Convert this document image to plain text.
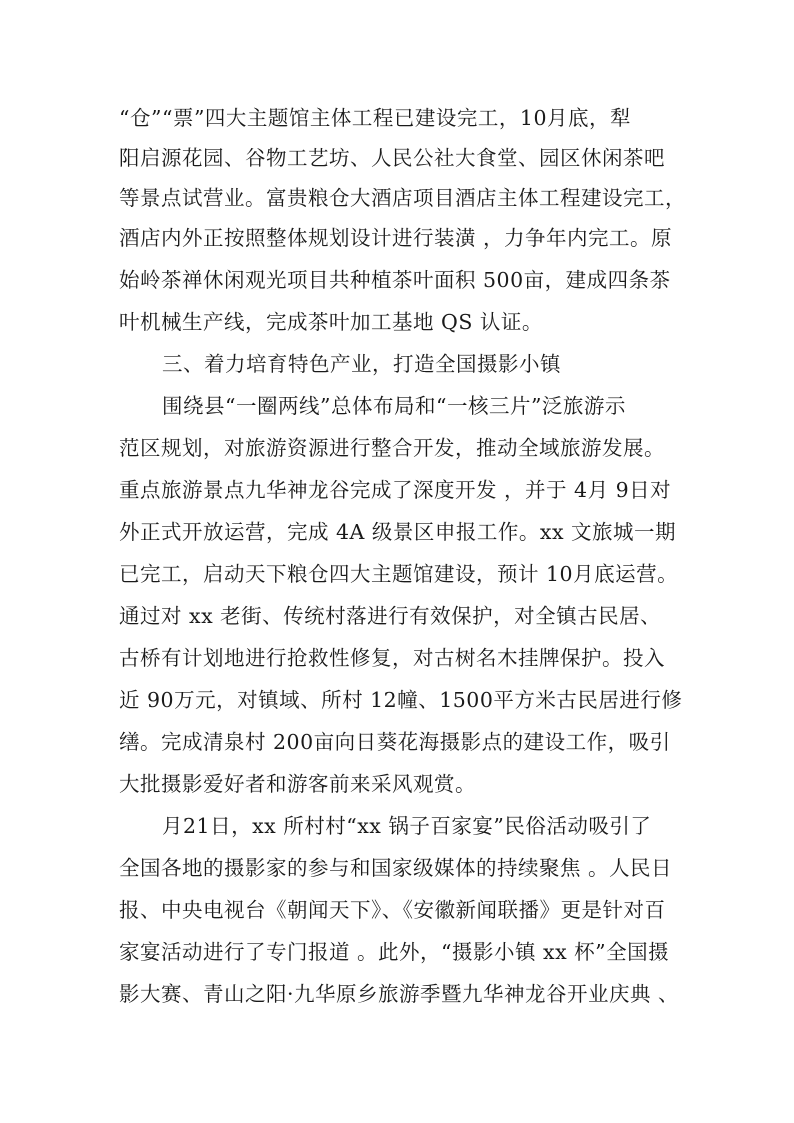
“仓”“票”四大主题馆主体工程已建设完工，10月底，犁
阳启源花园、谷物工艺坊、人民公社大食堂、园区休闲茶吧
等景点试营业。富贵粮仓大酒店项目酒店主体工程建设完工，
酒店内外正按照整体规划设计进行装潢 ，力争年内完工。原
始岭茶禅休闲观光项目共种植茶叶面积 500亩，建成四条茶
叶机械生产线，完成茶叶加工基地 QS 认证。
三、着力培育特色产业，打造全国摄影小镇
围绕县“一圈两线”总体布局和“一核三片”泛旅游示
范区规划，对旅游资源进行整合开发，推动全域旅游发展。
重点旅游景点九华神龙谷完成了深度开发 ，并于 4月 9日对
外正式开放运营，完成 4A 级景区申报工作。xx 文旅城一期
已完工，启动天下粮仓四大主题馆建设，预计 10月底运营。
通过对 xx 老街、传统村落进行有效保护，对全镇古民居、
古桥有计划地进行抢救性修复，对古树名木挂牌保护。投入
近 90万元，对镇域、所村 12幢、1500平方米古民居进行修
缮。完成清泉村 200亩向日葵花海摄影点的建设工作，吸引
大批摄影爱好者和游客前来采风观赏。
月21日，xx 所村村“xx 锅子百家宴”民俗活动吸引了
全国各地的摄影家的参与和国家级媒体的持续聚焦 。人民日
报、中央电视台《朝闻天下》、《安徽新闻联播》更是针对百
家宴活动进行了专门报道 。此外，“摄影小镇 xx 杯”全国摄
影大赛、青山之阳·九华原乡旅游季暨九华神龙谷开业庆典 、
